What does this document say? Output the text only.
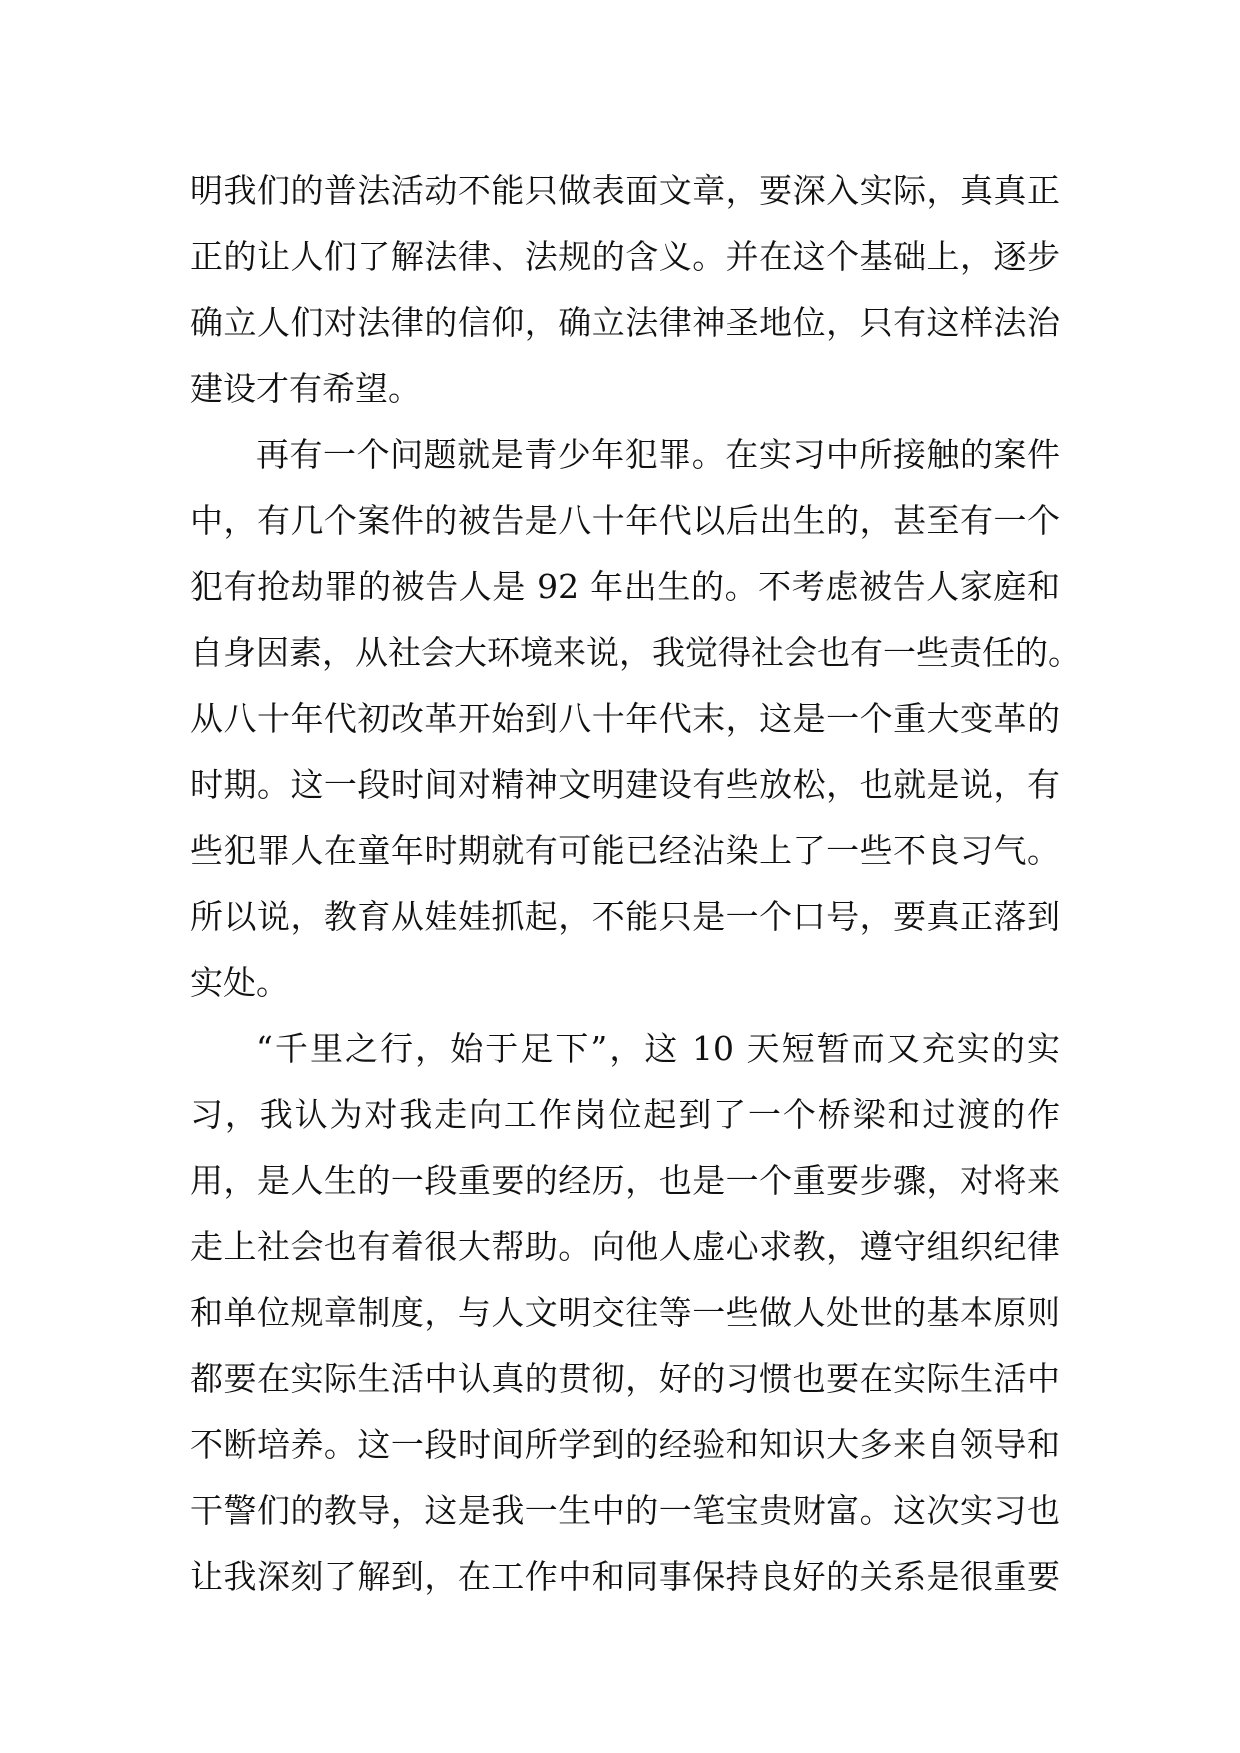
明我们的普法活动不能只做表面文章，要深入实际，真真正
正的让人们了解法律、法规的含义。并在这个基础上，逐步
确立人们对法律的信仰，确立法律神圣地位，只有这样法治
建设才有希望。
再有一个问题就是青少年犯罪。在实习中所接触的案件
中，有几个案件的被告是八十年代以后出生的，甚至有一个
犯有抢劫罪的被告人是 92 年出生的。不考虑被告人家庭和
自身因素，从社会大环境来说，我觉得社会也有一些责任的。
从八十年代初改革开始到八十年代末，这是一个重大变革的
时期。这一段时间对精神文明建设有些放松，也就是说，有
些犯罪人在童年时期就有可能已经沾染上了一些不良习气。
所以说，教育从娃娃抓起，不能只是一个口号，要真正落到
实处。
“千里之行，始于足下”，这 10 天短暂而又充实的实
习，我认为对我走向工作岗位起到了一个桥梁和过渡的作
用，是人生的一段重要的经历，也是一个重要步骤，对将来
走上社会也有着很大帮助。向他人虚心求教，遵守组织纪律
和单位规章制度，与人文明交往等一些做人处世的基本原则
都要在实际生活中认真的贯彻，好的习惯也要在实际生活中
不断培养。这一段时间所学到的经验和知识大多来自领导和
干警们的教导，这是我一生中的一笔宝贵财富。这次实习也
让我深刻了解到，在工作中和同事保持良好的关系是很重要
